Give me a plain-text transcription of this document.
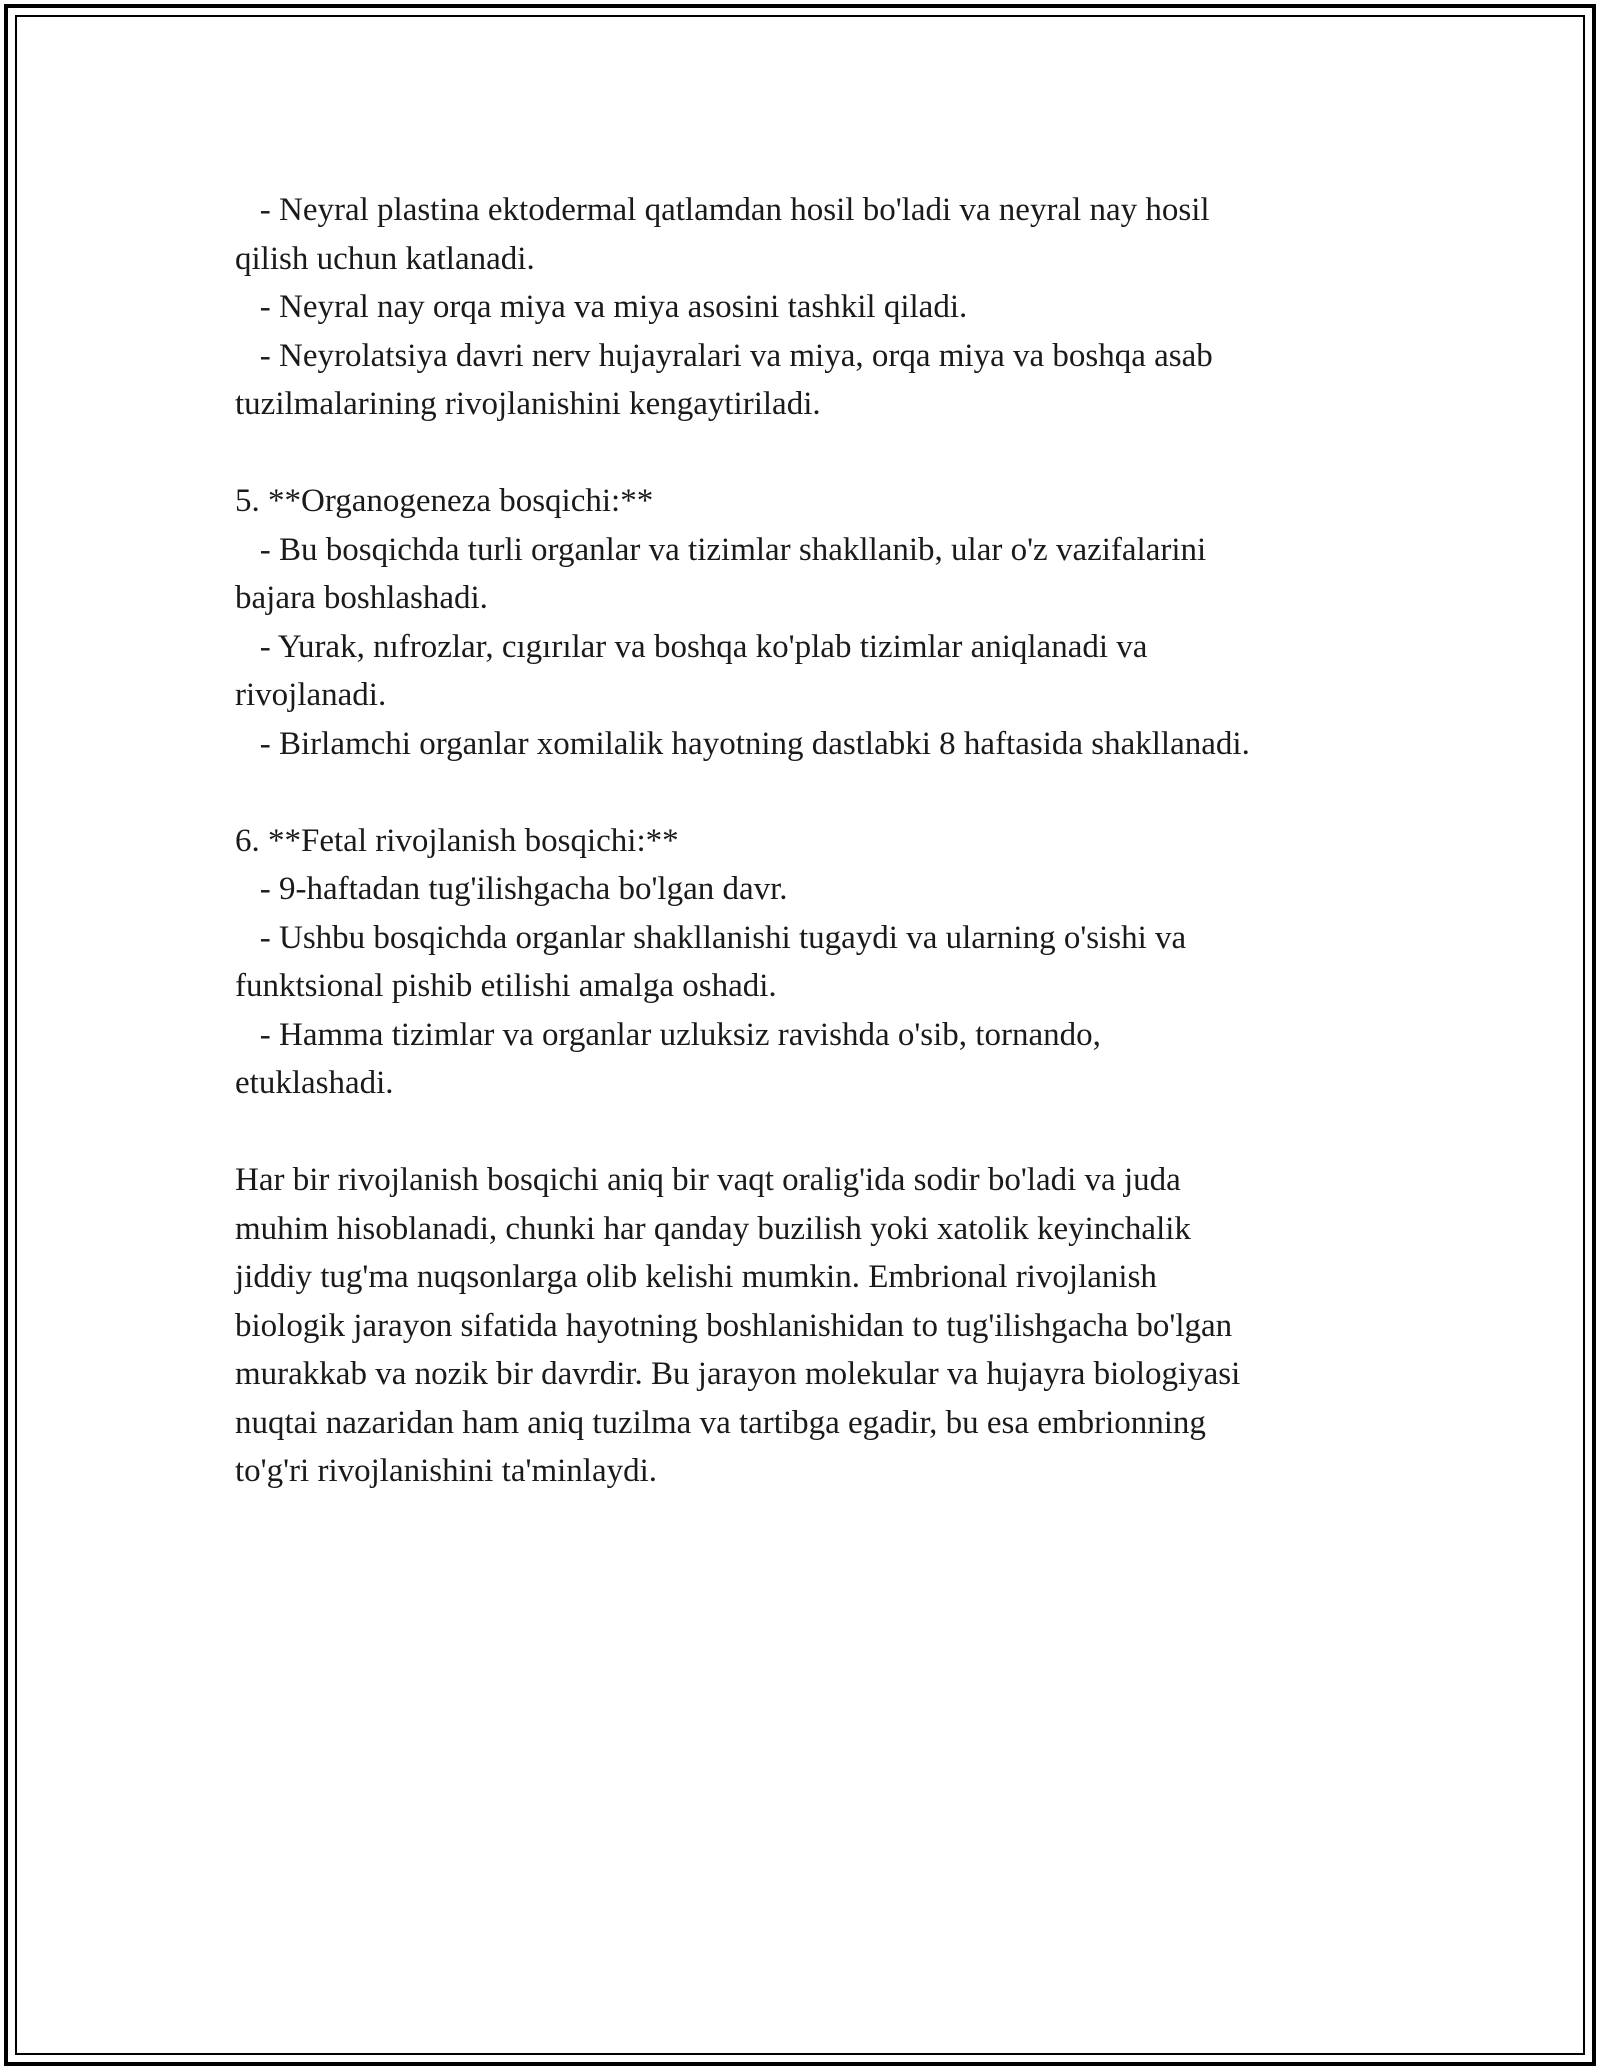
- Neyral plastina ektodermal qatlamdan hosil bo'ladi va neyral nay hosil
qilish uchun katlanadi.
- Neyral nay orqa miya va miya asosini tashkil qiladi.
- Neyrolatsiya davri nerv hujayralari va miya, orqa miya va boshqa asab
tuzilmalarining rivojlanishini kengaytiriladi.
5. **Organogeneza bosqichi:**
- Bu bosqichda turli organlar va tizimlar shakllanib, ular o'z vazifalarini
bajara boshlashadi.
- Yurak, nıfrozlar, cıgırılar va boshqa ko'plab tizimlar aniqlanadi va
rivojlanadi.
- Birlamchi organlar xomilalik hayotning dastlabki 8 haftasida shakllanadi.
6. **Fetal rivojlanish bosqichi:**
- 9-haftadan tug'ilishgacha bo'lgan davr.
- Ushbu bosqichda organlar shakllanishi tugaydi va ularning o'sishi va
funktsional pishib etilishi amalga oshadi.
- Hamma tizimlar va organlar uzluksiz ravishda o'sib, tornando,
etuklashadi.
Har bir rivojlanish bosqichi aniq bir vaqt oralig'ida sodir bo'ladi va juda
muhim hisoblanadi, chunki har qanday buzilish yoki xatolik keyinchalik
jiddiy tug'ma nuqsonlarga olib kelishi mumkin. Embrional rivojlanish
biologik jarayon sifatida hayotning boshlanishidan to tug'ilishgacha bo'lgan
murakkab va nozik bir davrdir. Bu jarayon molekular va hujayra biologiyasi
nuqtai nazaridan ham aniq tuzilma va tartibga egadir, bu esa embrionning
to'g'ri rivojlanishini ta'minlaydi.
